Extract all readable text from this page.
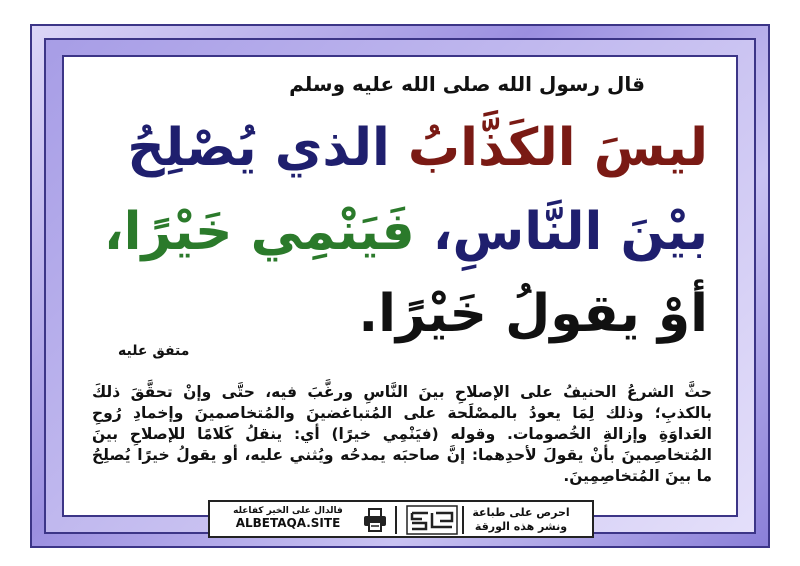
قال رسول الله صلى الله عليه وسلم
ليسَ الكَذَّابُ الذي يُصْلِحُ
بيْنَ النَّاسِ، فَيَنْمِي خَيْرًا،
أوْ يقولُ خَيْرًا.
متفق عليه
حثَّ الشرعُ الحنيفُ على الإصلاحِ بينَ النَّاسِ ورغَّبَ فيه، حتَّى وإنْ تحقَّقَ ذلكَ بالكذبِ؛ وذلك لِمَا يعودُ بالمصْلَحة على المُتباغضينَ والمُتخاصمينَ وإخمادِ رُوحِ العَداوَةِ وإزالةِ الخُصومات. وقوله (فيَنْمِي خيرًا) أي: ينقلُ كَلامًا للإصلاحِ بينَ المُتخاصِمينَ بأنْ يقولَ لأحدِهما: إنَّ صاحبَه يمدحُه ويُثني عليه، أو يقولُ خيرًا يُصلِحُ ما بينَ المُتخاصِمِينَ.
فالدال على الخير كفاعله
ALBETAQA.SITE
احرص على طباعة ونشر هذه الورقة
